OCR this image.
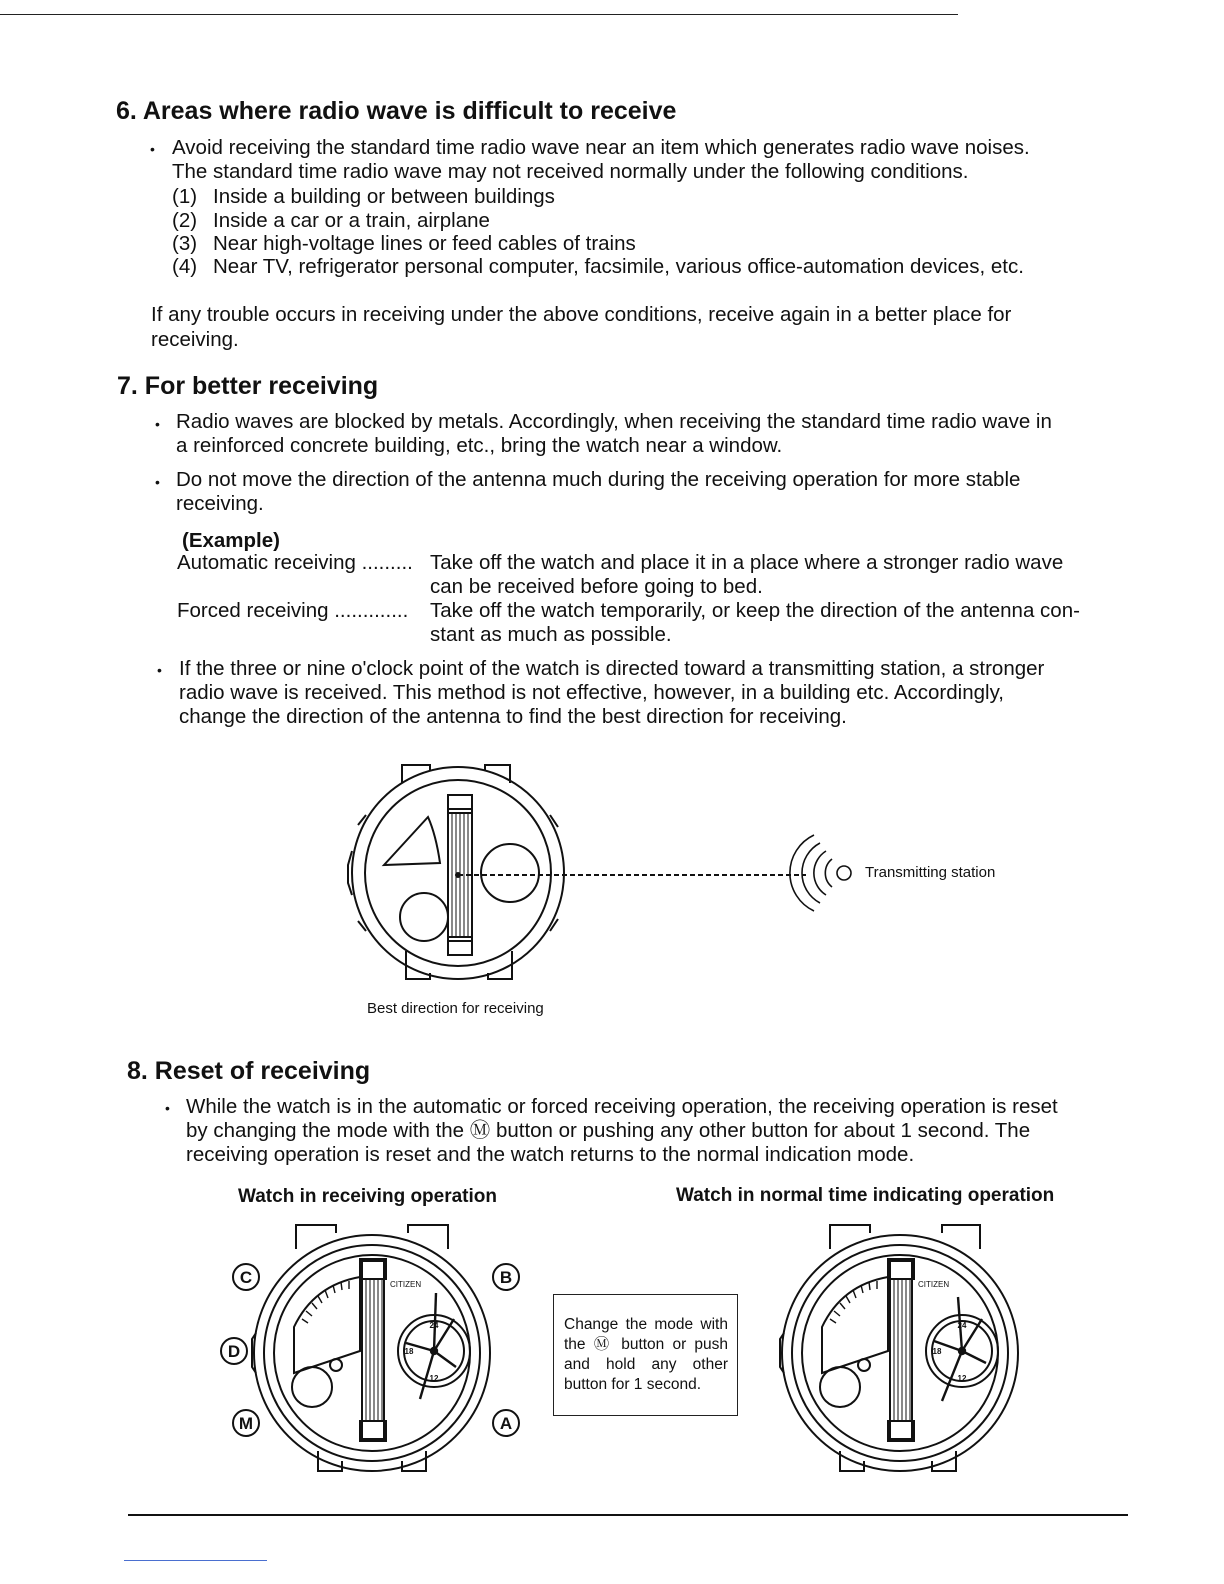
6. Areas where radio wave is difficult to receive
• Avoid receiving the standard time radio wave near an item which generates radio wave noises.
The standard time radio wave may not received normally under the following conditions.
(1) Inside a building or between buildings
(2) Inside a car or a train, airplane
(3) Near high-voltage lines or feed cables of trains
(4) Near TV, refrigerator personal computer, facsimile, various office-automation devices, etc.
If any trouble occurs in receiving under the above conditions, receive again in a better place for
receiving.
7. For better receiving
• Radio waves are blocked by metals. Accordingly, when receiving the standard time radio wave in
a reinforced concrete building, etc., bring the watch near a window.
• Do not move the direction of the antenna much during the receiving operation for more stable
receiving.
(Example)
Automatic receiving ......... Take off the watch and place it in a place where a stronger radio wave
can be received before going to bed.
Forced receiving ............. Take off the watch temporarily, or keep the direction of the antenna con-
stant as much as possible.
• If the three or nine o'clock point of the watch is directed toward a transmitting station, a stronger
radio wave is received. This method is not effective, however, in a building etc. Accordingly,
change the direction of the antenna to find the best direction for receiving.
Transmitting station
Best direction for receiving
8. Reset of receiving
• While the watch is in the automatic or forced receiving operation, the receiving operation is reset
by changing the mode with the Ⓜ button or pushing any other button for about 1 second. The
receiving operation is reset and the watch returns to the normal indication mode.
Watch in receiving operation	Watch in normal time indicating operation
C
D
M
B
A
CITIZEN
24
12
18
Change the mode with the Ⓜ button or push and hold any other button for 1 second.
CITIZEN
24
12
18
